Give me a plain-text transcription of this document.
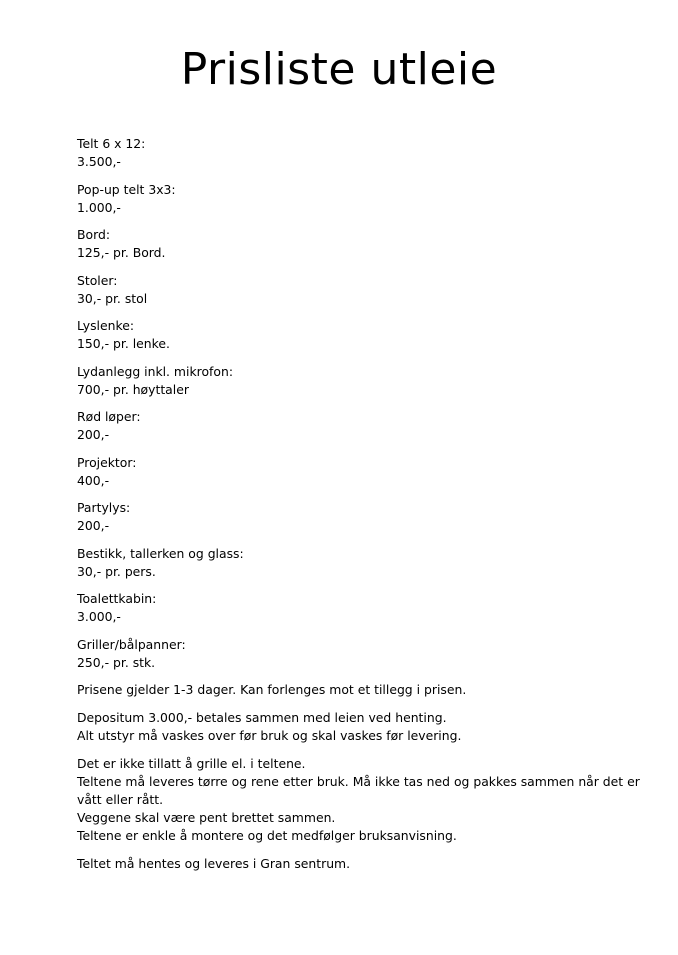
Prisliste utleie
Telt 6 x 12:
3.500,-
Pop-up telt 3x3:
1.000,-
Bord:
125,- pr. Bord.
Stoler:
30,- pr. stol
Lyslenke:
150,- pr. lenke.
Lydanlegg inkl. mikrofon:
700,- pr. høyttaler
Rød løper:
200,-
Projektor:
400,-
Partylys:
200,-
Bestikk, tallerken og glass:
30,- pr. pers.
Toalettkabin:
3.000,-
Griller/bålpanner:
250,- pr. stk.
Prisene gjelder 1-3 dager. Kan forlenges mot et tillegg i prisen.
Depositum 3.000,- betales sammen med leien ved henting.
Alt utstyr må vaskes over før bruk og skal vaskes før levering.
Det er ikke tillatt å grille el. i teltene.
Teltene må leveres tørre og rene etter bruk. Må ikke tas ned og pakkes sammen når det er
vått eller rått.
Veggene skal være pent brettet sammen.
Teltene er enkle å montere og det medfølger bruksanvisning.
Teltet må hentes og leveres i Gran sentrum.
